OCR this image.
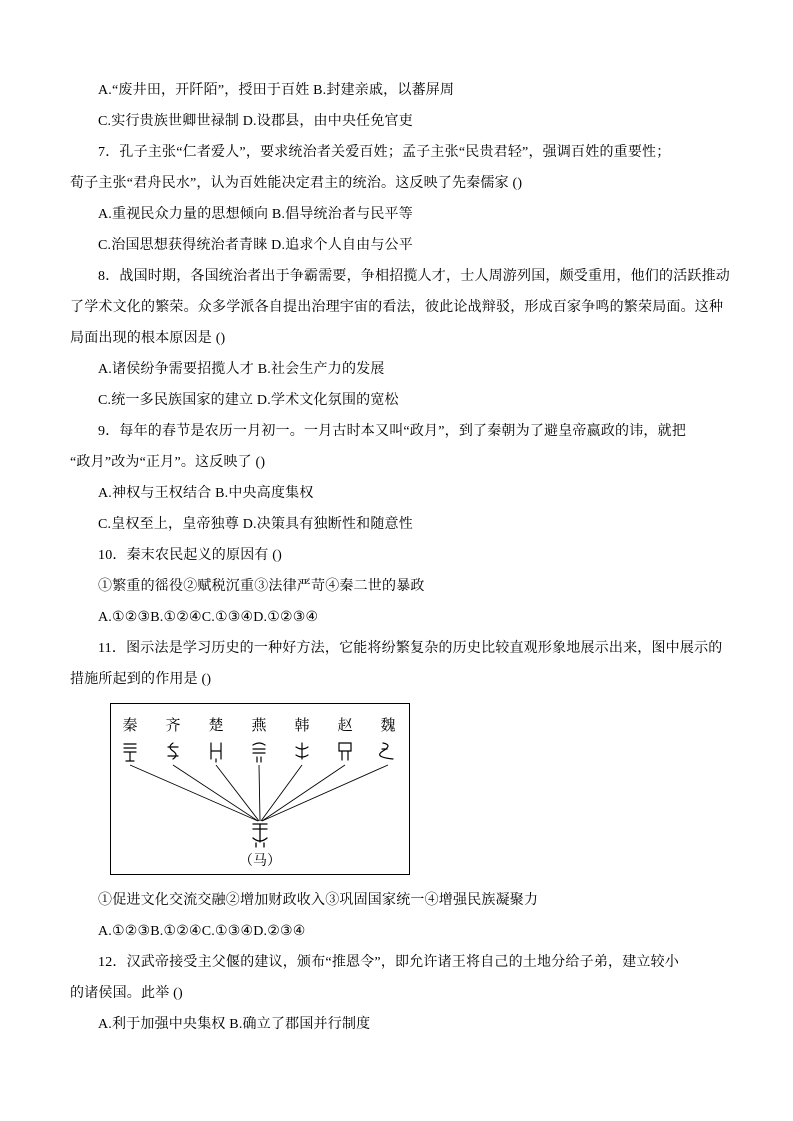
A.“废井田，开阡陌”，授田于百姓 B.封建亲戚，以蕃屏周

C.实行贵族世卿世禄制 D.设郡县，由中央任免官吏

7．孔子主张“仁者爱人”，要求统治者关爱百姓；孟子主张“民贵君轻”，强调百姓的重要性；

荀子主张“君舟民水”，认为百姓能决定君主的统治。这反映了先秦儒家 ()

A.重视民众力量的思想倾向 B.倡导统治者与民平等

C.治国思想获得统治者青睐 D.追求个人自由与公平

8．战国时期，各国统治者出于争霸需要，争相招揽人才，士人周游列国，颇受重用，他们的活跃推动

了学术文化的繁荣。众多学派各自提出治理宇宙的看法，彼此论战辩驳，形成百家争鸣的繁荣局面。这种

局面出现的根本原因是 ()

A.诸侯纷争需要招揽人才 B.社会生产力的发展

C.统一多民族国家的建立 D.学术文化氛围的宽松

9．每年的春节是农历一月初一。一月古时本又叫“政月”，到了秦朝为了避皇帝嬴政的讳，就把

“政月”改为“正月”。这反映了 ()

A.神权与王权结合 B.中央高度集权

C.皇权至上，皇帝独尊 D.决策具有独断性和随意性

10．秦末农民起义的原因有 ()

①繁重的徭役②赋税沉重③法律严苛④秦二世的暴政

A.①②③B.①②④C.①③④D.①②③④

11．图示法是学习历史的一种好方法，它能将纷繁复杂的历史比较直观形象地展示出来，图中展示的

措施所起到的作用是 ()

秦 齐 楚 燕 韩 赵 魏
（马）

①促进文化交流交融②增加财政收入③巩固国家统一④增强民族凝聚力

A.①②③B.①②④C.①③④D.②③④

12．汉武帝接受主父偃的建议，颁布“推恩令”，即允许诸王将自己的土地分给子弟，建立较小

的诸侯国。此举 ()

A.利于加强中央集权 B.确立了郡国并行制度
